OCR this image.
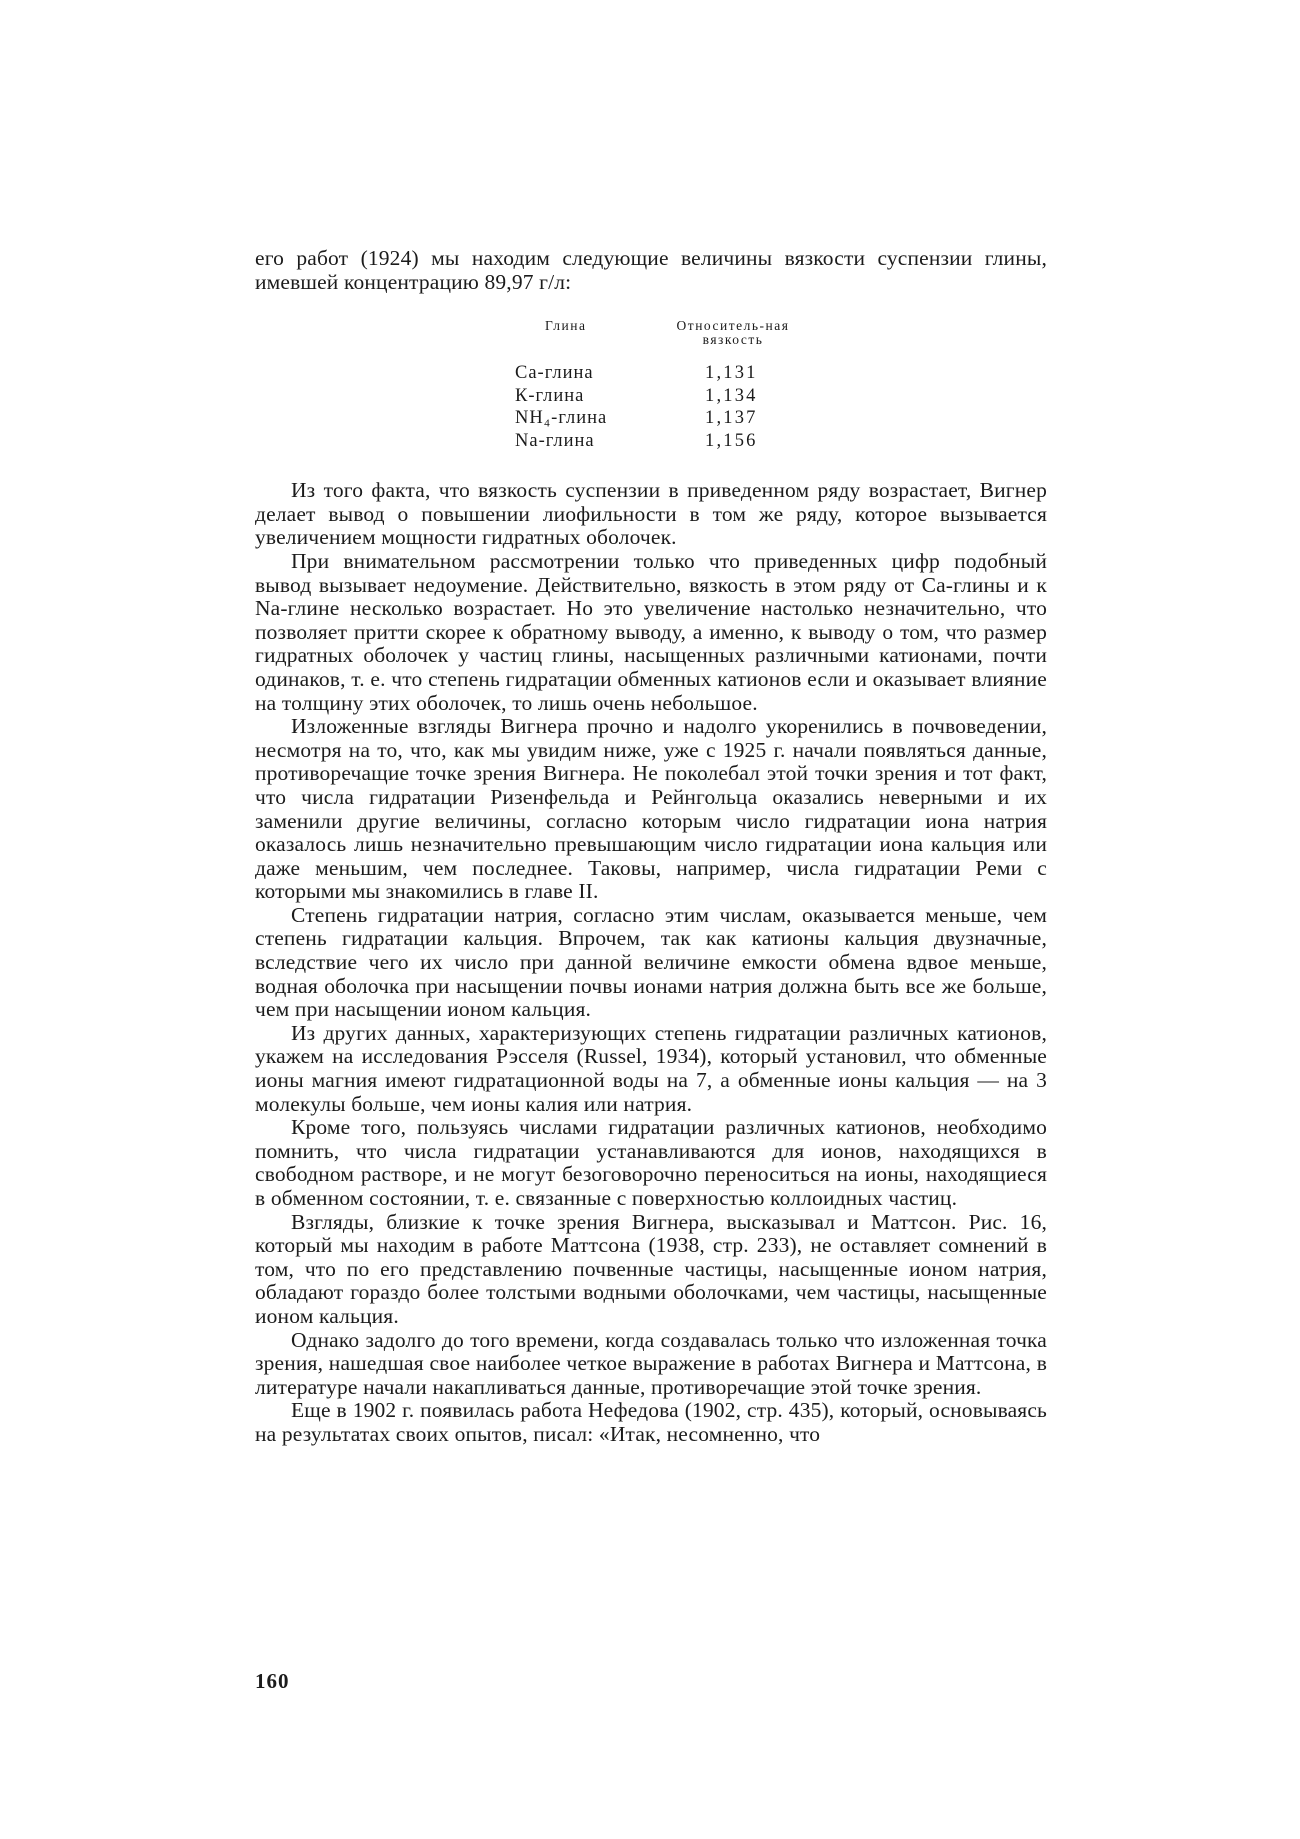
его работ (1924) мы находим следующие величины вязкости суспензии глины, имевшей концентрацию 89,97 г/л:

Глина	Относитель-ная вязкость
Са-глина	1,131
К-глина	1,134
NH₄-глина	1,137
Na-глина	1,156

Из того факта, что вязкость суспензии в приведенном ряду возрастает, Вигнер делает вывод о повышении лиофильности в том же ряду, которое вызывается увеличением мощности гидратных оболочек.

При внимательном рассмотрении только что приведенных цифр подобный вывод вызывает недоумение. Действительно, вязкость в этом ряду от Са-глины и к Na-глине несколько возрастает. Но это увеличение настолько незначительно, что позволяет притти скорее к обратному выводу, а именно, к выводу о том, что размер гидратных оболочек у частиц глины, насыщенных различными катионами, почти одинаков, т. е. что степень гидратации обменных катионов если и оказывает влияние на толщину этих оболочек, то лишь очень небольшое.

Изложенные взгляды Вигнера прочно и надолго укоренились в почвоведении, несмотря на то, что, как мы увидим ниже, уже с 1925 г. начали появляться данные, противоречащие точке зрения Вигнера. Не поколебал этой точки зрения и тот факт, что числа гидратации Ризенфельда и Рейнгольца оказались неверными и их заменили другие величины, согласно которым число гидратации иона натрия оказалось лишь незначительно превышающим число гидратации иона кальция или даже меньшим, чем последнее. Таковы, например, числа гидратации Реми с которыми мы знакомились в главе II.

Степень гидратации натрия, согласно этим числам, оказывается меньше, чем степень гидратации кальция. Впрочем, так как катионы кальция двузначные, вследствие чего их число при данной величине емкости обмена вдвое меньше, водная оболочка при насыщении почвы ионами натрия должна быть все же больше, чем при насыщении ионом кальция.

Из других данных, характеризующих степень гидратации различных катионов, укажем на исследования Рэсселя (Russel, 1934), который установил, что обменные ионы магния имеют гидратационной воды на 7, а обменные ионы кальция — на 3 молекулы больше, чем ионы калия или натрия.

Кроме того, пользуясь числами гидратации различных катионов, необходимо помнить, что числа гидратации устанавливаются для ионов, находящихся в свободном растворе, и не могут безоговорочно переноситься на ионы, находящиеся в обменном состоянии, т. е. связанные с поверхностью коллоидных частиц.

Взгляды, близкие к точке зрения Вигнера, высказывал и Маттсон. Рис. 16, который мы находим в работе Маттсона (1938, стр. 233), не оставляет сомнений в том, что по его представлению почвенные частицы, насыщенные ионом натрия, обладают гораздо более толстыми водными оболочками, чем частицы, насыщенные ионом кальция.

Однако задолго до того времени, когда создавалась только что изложенная точка зрения, нашедшая свое наиболее четкое выражение в работах Вигнера и Маттсона, в литературе начали накапливаться данные, противоречащие этой точке зрения.

Еще в 1902 г. появилась работа Нефедова (1902, стр. 435), который, основываясь на результатах своих опытов, писал: «Итак, несомненно, что

160
